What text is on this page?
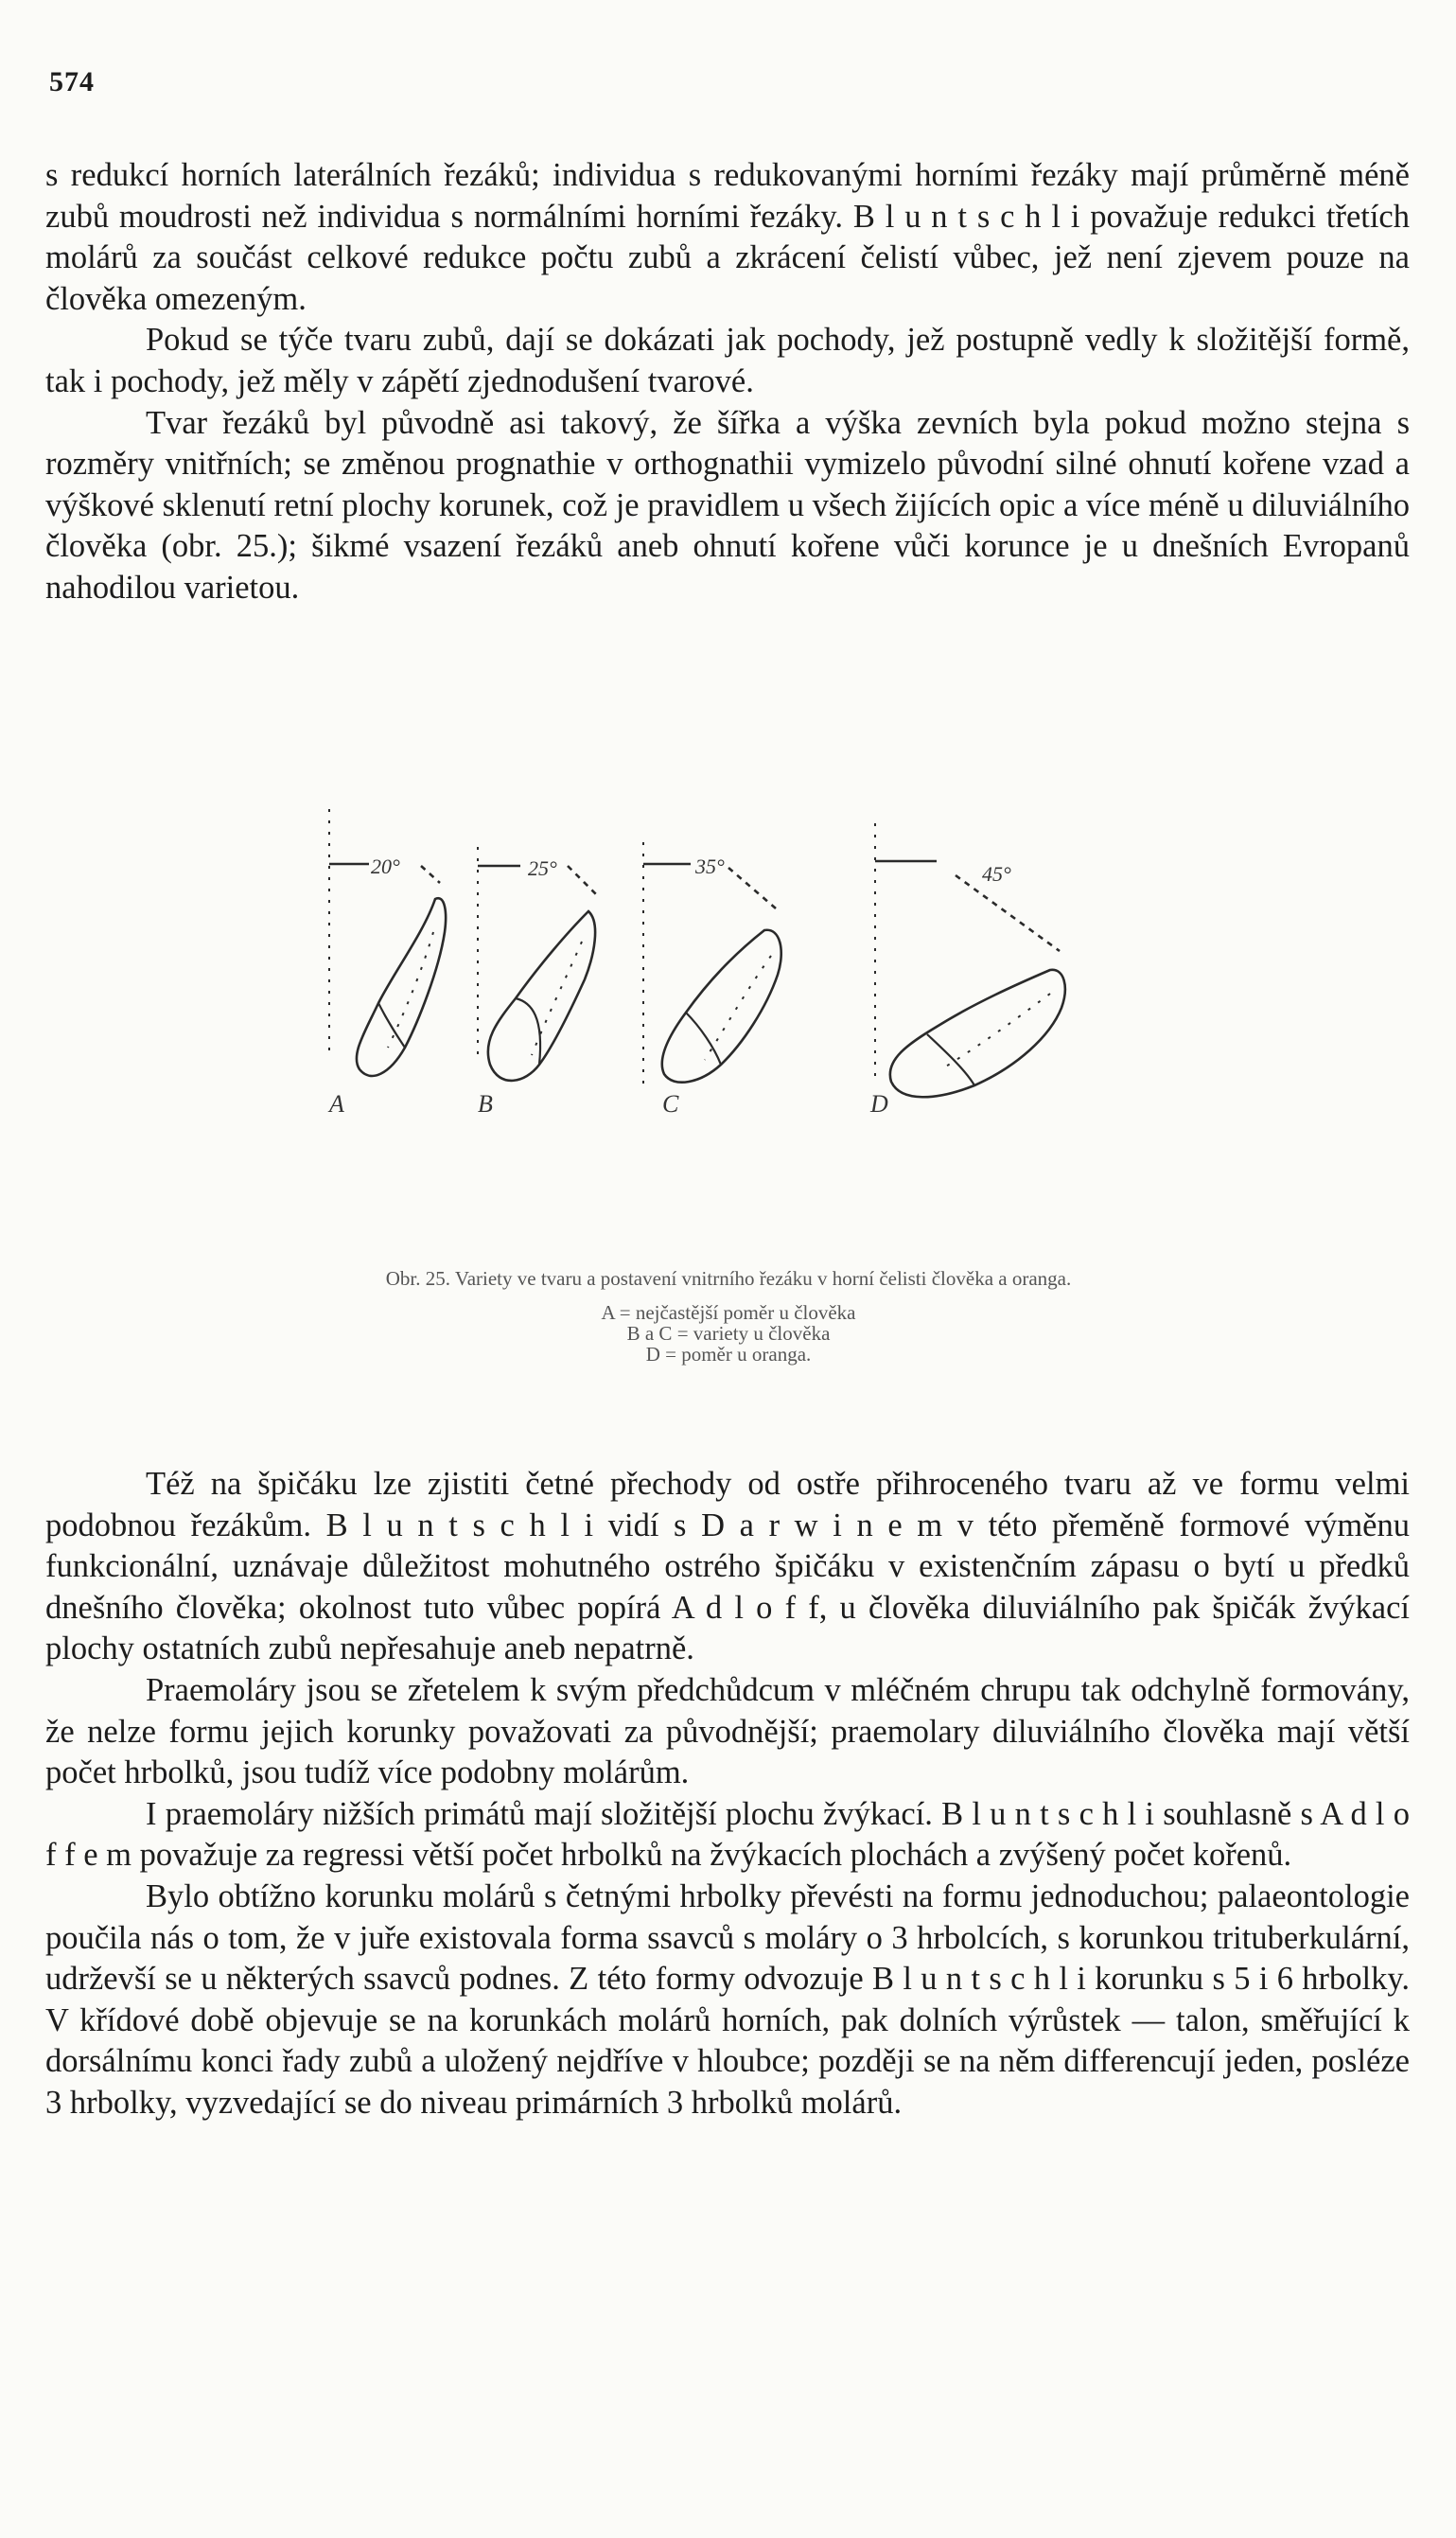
574

s redukcí horních laterálních řezáků; individua s redukovanými horními řezáky mají průměrně méně zubů moudrosti než individua s normálními horními řezáky. B l u n t s c h l i považuje redukci třetích molárů za součást celkové redukce počtu zubů a zkrácení čelistí vůbec, jež není zjevem pouze na člověka omezeným.

Pokud se týče tvaru zubů, dají se dokázati jak pochody, jež postupně vedly k složitější formě, tak i pochody, jež měly v zápětí zjednodušení tvarové.

Tvar řezáků byl původně asi takový, že šířka a výška zevních byla pokud možno stejna s rozměry vnitřních; se změnou prognathie v orthognathii vymizelo původní silné ohnutí kořene vzad a výškové sklenutí retní plochy korunek, což je pravidlem u všech žijících opic a více méně u diluviálního člověka (obr. 25.); šikmé vsazení řezáků aneb ohnutí kořene vůči korunce je u dnešních Evropanů nahodilou varietou.

20°	25°	35°	45°
A	B	C	D
Obr. 25. Variety ve tvaru a postavení vnitrního řezáku v horní čelisti člověka a oranga.
A = nejčastější poměr u člověka
B a C = variety u člověka
D = poměr u oranga.

Též na špičáku lze zjistiti četné přechody od ostře přihroceného tvaru až ve formu velmi podobnou řezákům. B l u n t s c h l i vidí s D a r w i n e m v této přeměně formové výměnu funkcionální, uznávaje důležitost mohutného ostrého špičáku v existenčním zápasu o bytí u předků dnešního člověka; okolnost tuto vůbec popírá A d l o f f, u člověka diluviálního pak špičák žvýkací plochy ostatních zubů nepřesahuje aneb nepatrně.

Praemoláry jsou se zřetelem k svým předchůdcum v mléčném chrupu tak odchylně formovány, že nelze formu jejich korunky považovati za původnější; praemolary diluviálního člověka mají větší počet hrbolků, jsou tudíž více podobny molárům.

I praemoláry nižších primátů mají složitější plochu žvýkací. B l u n t s c h l i souhlasně s A d l o f f e m považuje za regressi větší počet hrbolků na žvýkacích plochách a zvýšený počet kořenů.

Bylo obtížno korunku molárů s četnými hrbolky převésti na formu jednoduchou; palaeontologie poučila nás o tom, že v juře existovala forma ssavců s moláry o 3 hrbolcích, s korunkou trituberkulární, udrževší se u některých ssavců podnes. Z této formy odvozuje B l u n t s c h l i korunku s 5 i 6 hrbolky. V křídové době objevuje se na korunkách molárů horních, pak dolních výrůstek — talon, směřující k dorsálnímu konci řady zubů a uložený nejdříve v hloubce; později se na něm differencují jeden, posléze 3 hrbolky, vyzvedající se do niveau primárních 3 hrbolků molárů.
